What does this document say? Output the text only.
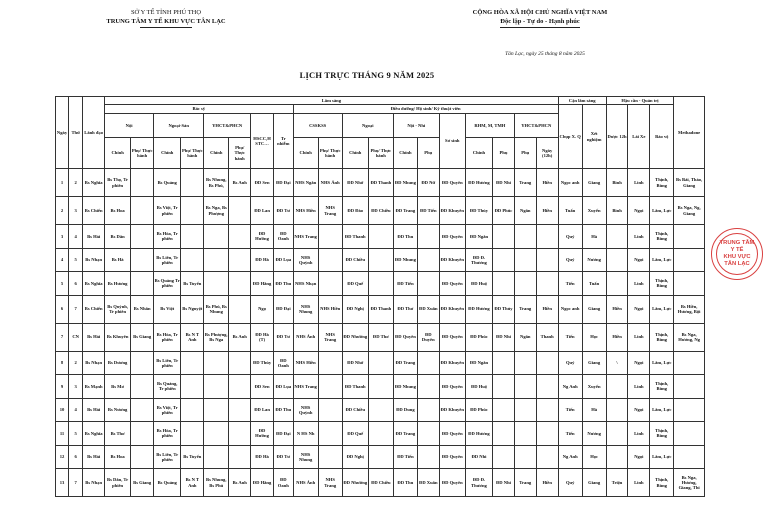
SỞ Y TẾ TỈNH PHÚ THỌ
TRUNG TÂM Y TẾ KHU VỰC TÂN LẠC
CỘNG HÒA XÃ HỘI CHỦ NGHĨA VIỆT NAM
Độc lập - Tự do - Hạnh phúc
Tân Lạc, ngày 25 tháng 8 năm 2025
LỊCH TRỰC THÁNG 9 NĂM 2025
Ngày	Thứ	Lãnh đạo	Lâm sàng																			Cận lâm sàng		Hậu cần - Quản trị			Methadone
			Bác sỹ								Điều dưỡng/ Hộ sinh/ Kỹ thuật viên											Chụp X. Q	Xét nghiệm	Dược 12h	Lái Xe	Bảo vệ	
			Nội		Ngoại-Sản		YHCT&PHCN		HSCC,H STC…	Tr nhiễm	CSSKSS		Ngoại		Nội - Nhi		Sơ sinh	RHM, M, TMH		YHCT&PHCN							
			Chính	Phụ/ Thực hành	Chính	Phụ/ Thực hành	Chính	Phụ/ Thực hành			Chính	Phụ/ Thực hành	Chính	Phụ/ Thực hành	Chính	Phụ		Chính	Phụ	Phụ	Ngày (12h)						
1	2	Bs Nghĩa	Bs Thọ, Tr phiên		Bs Quảng		Bs Nhung, Bs Phú,	Bs Anh	ĐD Sen	ĐD Đại	NHS Ngân	NHS Ánh	ĐD Nhớ	ĐD Thanh	ĐD Nhung	ĐD Nữ	ĐD Quyên	ĐD Hương	ĐD Nhi	Trang	Hiền	Ngọc anh	Giang	Bình	Linh	Thịnh, Bùng	Bs Bái, Thảo, Giang
2	3	Bs Chiến	Bs Hoa		Bs Việt, Tr phiên		Bs Nga, Bs Phượng		ĐD Lan	ĐD Tư	NHS Hiền	NHS Trang	ĐD Đào	ĐD Chiều	ĐD Trang	ĐD Tiến	ĐD Khuyên	ĐD Thủy	ĐD Phúc	Ngân	Hiền	Tuấn	Xuyến	Bình	Ngọi	Lâm, Lực	Bs Nga, Ng, Giang
3	4	Bs Hải	Bs Dân		Bs Hòa, Tr phiên				ĐD Hường	ĐD Oanh	NHS Trang		ĐD Thanh		ĐD Thu		ĐD Quyên	ĐD Ngân				Quý	Hà		Linh	Thịnh, Bùng	
4	5	Bs Nhạn	Bs Hà		Bs Liên, Tr phiên				ĐD Hà	ĐD Lụa	NHS Quỳnh		ĐD Chiều		ĐD Nhung		ĐD Khuyên	ĐD Đ. Thương				Quý	Nương		Ngọi	Lâm, Lực	
5	6	Bs Nghĩa	Bs Hương		Bs Quảng Tr phiên	Bs Tuyển			ĐD Hằng	ĐD Thu	NHS Nhạn		ĐD Quế		ĐD Tiến		ĐD Quyên	ĐD Huệ				Tiến	Tuấn		Linh	Thịnh, Bùng	
6	7	Bs Chiến	Bs Quỳnh, Tr phiên	Bs Nhân	Bs Việt	Bs Nguyệt	Bs Phú, Bs Nhung		Ngọ	ĐD Đại	NHS Nhung	NHS Hiền	ĐD Nghị	ĐD Thanh	ĐD Thơ	ĐD Xuân	ĐD Khuyên	ĐD Hương	ĐD Thủy	Trang	Hiền	Ngọc anh	Giang	Hiền	Ngọi	Lâm, Lực	Bs Hiền, Hương, Bội
7	CN	Bs Hải	Bs Khuyên	Bs Giang	Bs Hòa, Tr phiên	Bs N T Anh	Bs Phượng, Bs Nga	Bs Anh	ĐD Hà (T)	ĐD Tư	NHS Ánh	NHS Trang	ĐD Nhường	ĐD Thơ	ĐD Quyên	ĐD Duyên	ĐD Quyên	ĐD Phúc	ĐD Nhi	Ngân	Thanh	Tiến	Học	Hiền	Linh	Thịnh, Bùng	Bs Nga, Hương, Ng
8	2	Bs Nhạn	Bs Dương		Bs Liên, Tr phiên				ĐD Thủy	ĐD Oanh	NHS Hiền		ĐD Nhớ		ĐD Trang		ĐD Khuyên	ĐD Ngân				Quý	Giang	\	Ngọi	Lâm, Lực	
9	3	Bs Mạnh	Bs Mơ		Bs Quảng, Tr phiên				ĐD Sen	ĐD Lụa	NHS Trang		ĐD Thanh		ĐD Nhung		ĐD Quyên	ĐD Huệ				Ng Anh	Xuyến		Linh	Thịnh, Bùng	
10	4	Bs Hải	Bs Nương		Bs Việt, Tr phiên				ĐD Lan	ĐD Thu	NHS Quỳnh		ĐD Chiều		ĐD Dung		ĐD Khuyên	ĐD Phúc				Tiến	Hà		Ngọi	Lâm, Lực	
11	5	Bs Nghĩa	Bs Thơ		Bs Hòa, Tr phiên				ĐD Hường	ĐD Đại	N HS Nh		ĐD Quế		ĐD Trang		ĐD Quyên	ĐD Hương				Tiến	Nương		Linh	Thịnh, Bùng	
12	6	Bs Hải	Bs Hoa		Bs Liên, Tr phiên	Bs Tuyển			ĐD Hà	ĐD Tư	NHS Nhung		ĐD Nghị		ĐD Tiến		ĐD Quyên	ĐD Nhi				Ng Anh	Học		Ngọi	Lâm, Lực	
13	7	Bs Nhạn	Bs Dân, Tr phiên	Bs Giang	Bs Quảng	Bs N T Anh	Bs Nhung, Bs Phú	Bs Anh	ĐD Hằng	ĐD Oanh	NHS Ánh	NHS Trang	ĐD Nhường	ĐD Chiều	ĐD Thu	ĐD Xuân	ĐD Quyên	ĐD Đ. Thương	ĐD Nhi	Trang	Hiền	Quý	Giang	Triệu	Linh	Thịnh, Bùng	Bs Nga, Hương, Giang, Thi
TRUNG TÂM
Y TẾ
KHU VỰC
TÂN LẠC
